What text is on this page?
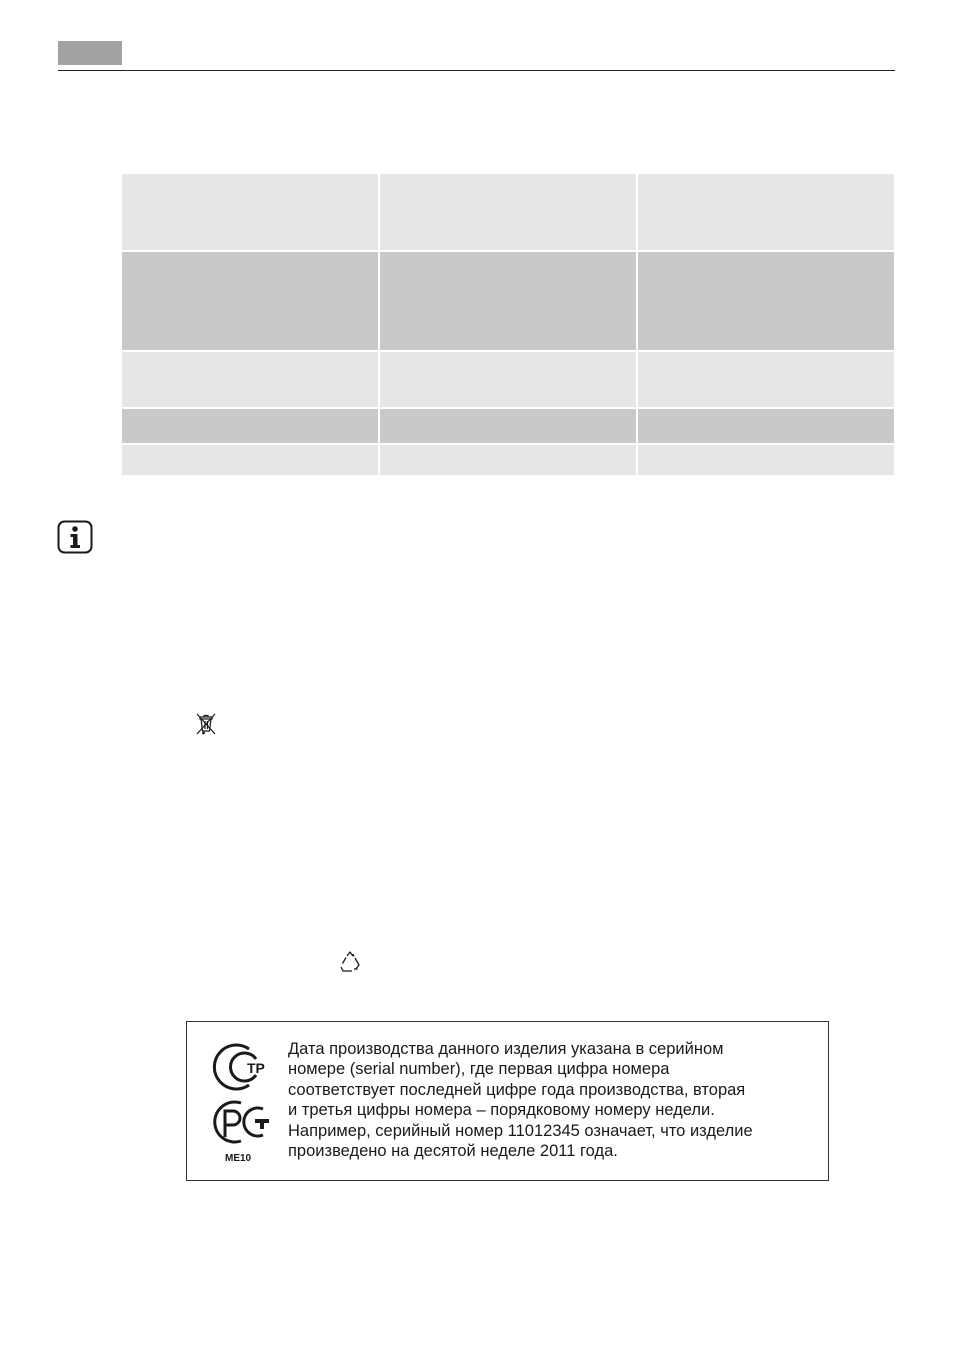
TP
ME10
Дата производства данного изделия указана в серийном
номере (serial number), где первая цифра номера
соответствует последней цифре года производства, вторая
и третья цифры номера – порядковому номеру недели.
Например, серийный номер 11012345 означает, что изделие
произведено на десятой неделе 2011 года.
